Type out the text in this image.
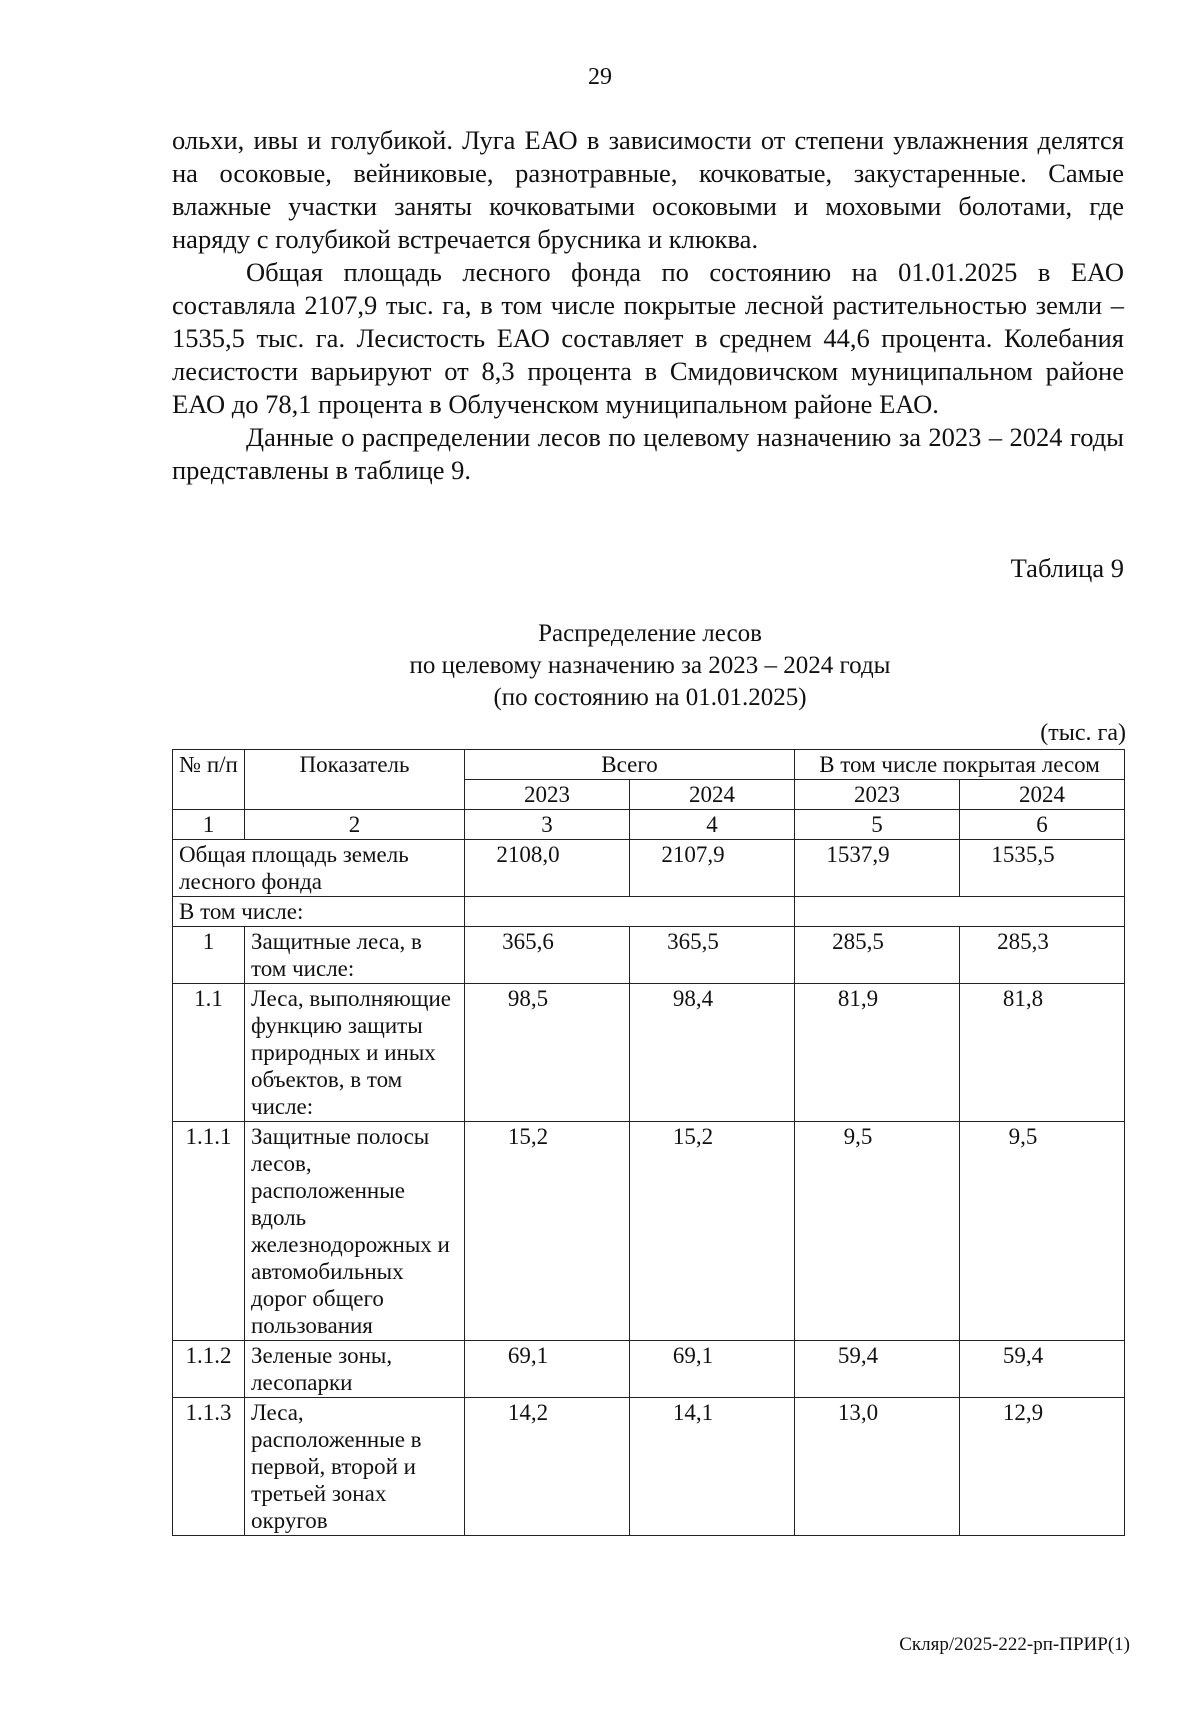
29

ольхи, ивы и голубикой. Луга ЕАО в зависимости от степени увлажнения делятся на осоковые, вейниковые, разнотравные, кочковатые, закустаренные. Самые влажные участки заняты кочковатыми осоковыми и моховыми болотами, где наряду с голубикой встречается брусника и клюква.

Общая площадь лесного фонда по состоянию на 01.01.2025 в ЕАО составляла 2107,9 тыс. га, в том числе покрытые лесной растительностью земли – 1535,5 тыс. га. Лесистость ЕАО составляет в среднем 44,6 процента. Колебания лесистости варьируют от 8,3 процента в Смидовичском муниципальном районе ЕАО до 78,1 процента в Облученском муниципальном районе ЕАО.

Данные о распределении лесов по целевому назначению за 2023 – 2024 годы представлены в таблице 9.

Таблица 9
Распределение лесов
по целевому назначению за 2023 – 2024 годы
(по состоянию на 01.01.2025)
(тыс. га)
№ п/п	Показатель	Всего		В том числе покрытая лесом	
		2023	2024	2023	2024
1	2	3	4	5	6
Общая площадь земель лесного фонда		2108,0	2107,9	1537,9	1535,5
В том числе:					
1	Защитные леса, в том числе:	365,6	365,5	285,5	285,3
1.1	Леса, выполняющие функцию защиты природных и иных объектов, в том числе:	98,5	98,4	81,9	81,8
1.1.1	Защитные полосы лесов, расположенные вдоль железнодорожных и автомобильных дорог общего пользования	15,2	15,2	9,5	9,5
1.1.2	Зеленые зоны, лесопарки	69,1	69,1	59,4	59,4
1.1.3	Леса, расположенные в первой, второй и третьей зонах округов	14,2	14,1	13,0	12,9
Скляр/2025-222-рп-ПРИР(1)
